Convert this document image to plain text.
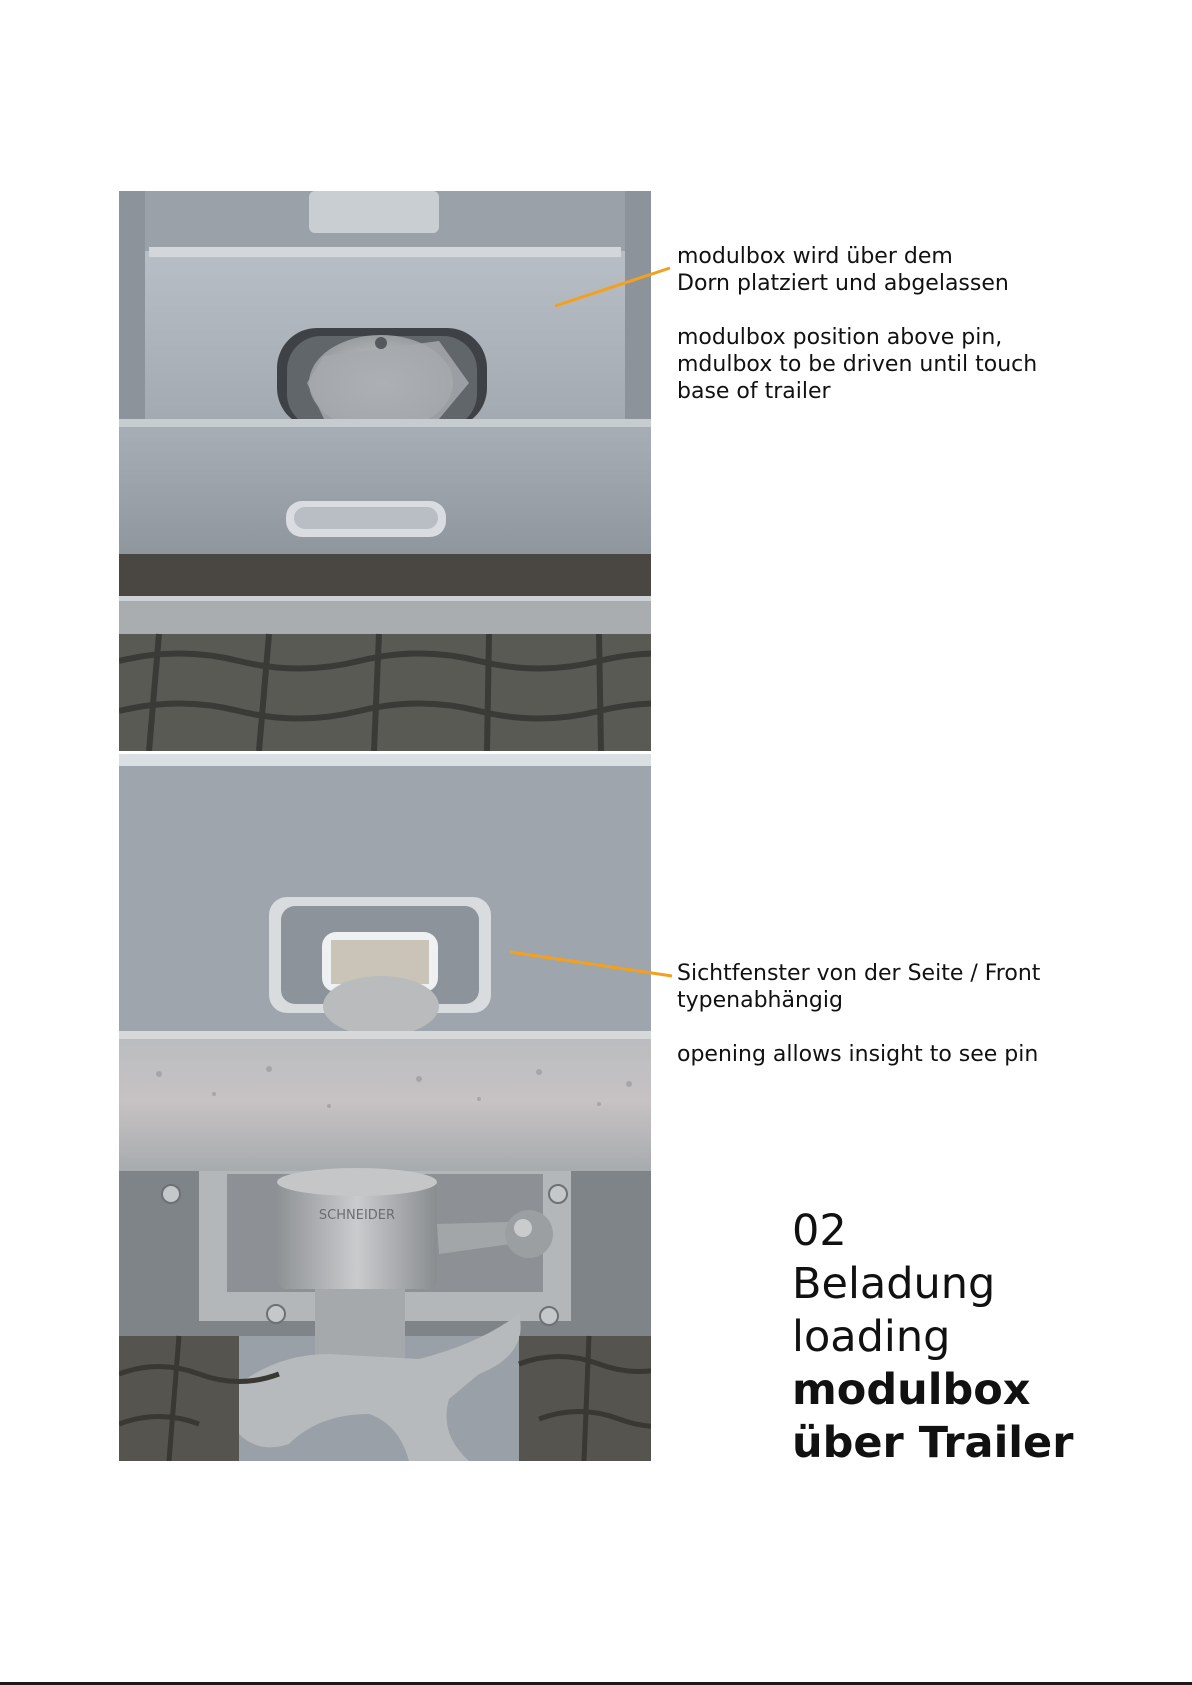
SCHNEIDER
modulbox wird über dem
Dorn platziert und abgelassen
modulbox position above pin,
mdulbox to be driven until touch
base of trailer
Sichtfenster von der Seite / Front
typenabhängig
opening allows insight to see pin
02
Beladung
loading
modulbox
über Trailer
